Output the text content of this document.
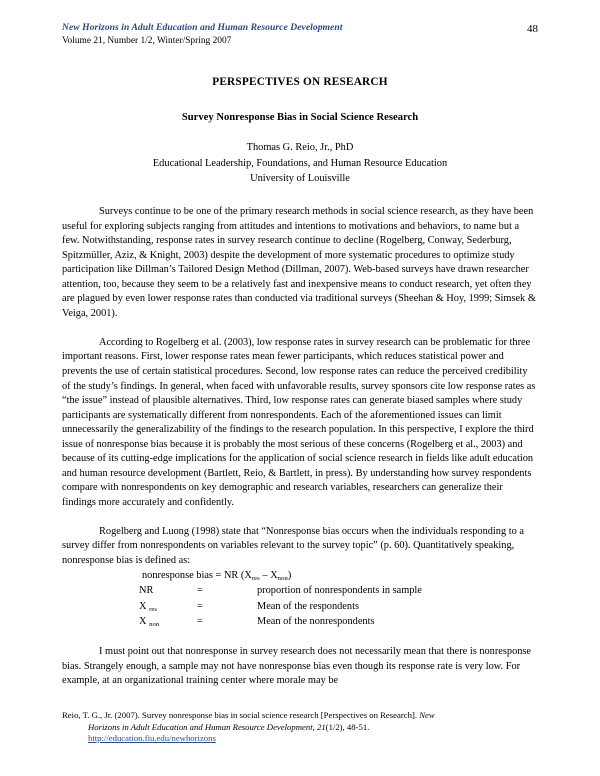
New Horizons in Adult Education and Human Resource Development
Volume 21, Number 1/2, Winter/Spring 2007
48
PERSPECTIVES ON RESEARCH
Survey Nonresponse Bias in Social Science Research
Thomas G. Reio, Jr., PhD
Educational Leadership, Foundations, and Human Resource Education
University of Louisville

Surveys continue to be one of the primary research methods in social science research, as they have been useful for exploring subjects ranging from attitudes and intentions to motivations and behaviors, to name but a few. Notwithstanding, response rates in survey research continue to decline (Rogelberg, Conway, Sederburg, Spitzmüller, Aziz, & Knight, 2003) despite the development of more systematic procedures to optimize study participation like Dillman’s Tailored Design Method (Dillman, 2007). Web-based surveys have drawn researcher attention, too, because they seem to be a relatively fast and inexpensive means to conduct research, yet often they are plagued by even lower response rates than conducted via traditional surveys (Sheehan & Hoy, 1999; Simsek & Veiga, 2001).

According to Rogelberg et al. (2003), low response rates in survey research can be problematic for three important reasons. First, lower response rates mean fewer participants, which reduces statistical power and prevents the use of certain statistical procedures. Second, low response rates can reduce the perceived credibility of the study’s findings. In general, when faced with unfavorable results, survey sponsors cite low response rates as “the issue” instead of plausible alternatives. Third, low response rates can generate biased samples where study participants are systematically different from nonrespondents. Each of the aforementioned issues can limit unnecessarily the generalizability of the findings to the research population. In this perspective, I explore the third issue of nonresponse bias because it is probably the most serious of these concerns (Rogelberg et al., 2003) and because of its cutting-edge implications for the application of social science research in fields like adult education and human resource development (Bartlett, Reio, & Bartlett, in press). By understanding how survey respondents compare with nonrespondents on key demographic and research variables, researchers can generalize their findings more accurately and confidently.

Rogelberg and Luong (1998) state that “Nonresponse bias occurs when the individuals responding to a survey differ from nonrespondents on variables relevant to the survey topic” (p. 60). Quantitatively speaking, nonresponse bias is defined as:

nonresponse bias = NR $(X_{res} - X_{non})$
NR	=	proportion of nonrespondents in sample
X $_{res}$	=	Mean of the respondents
X $_{non}$	=	Mean of the nonrespondents

I must point out that nonresponse in survey research does not necessarily mean that there is nonresponse bias. Strangely enough, a sample may not have nonresponse bias even though its response rate is very low. For example, at an organizational training center where morale may be

Reio, T. G., Jr. (2007). Survey nonresponse bias in social science research [Perspectives on Research]. New
Horizons in Adult Education and Human Resource Development, 21(1/2), 48-51.
http://education.fiu.edu/newhorizons
